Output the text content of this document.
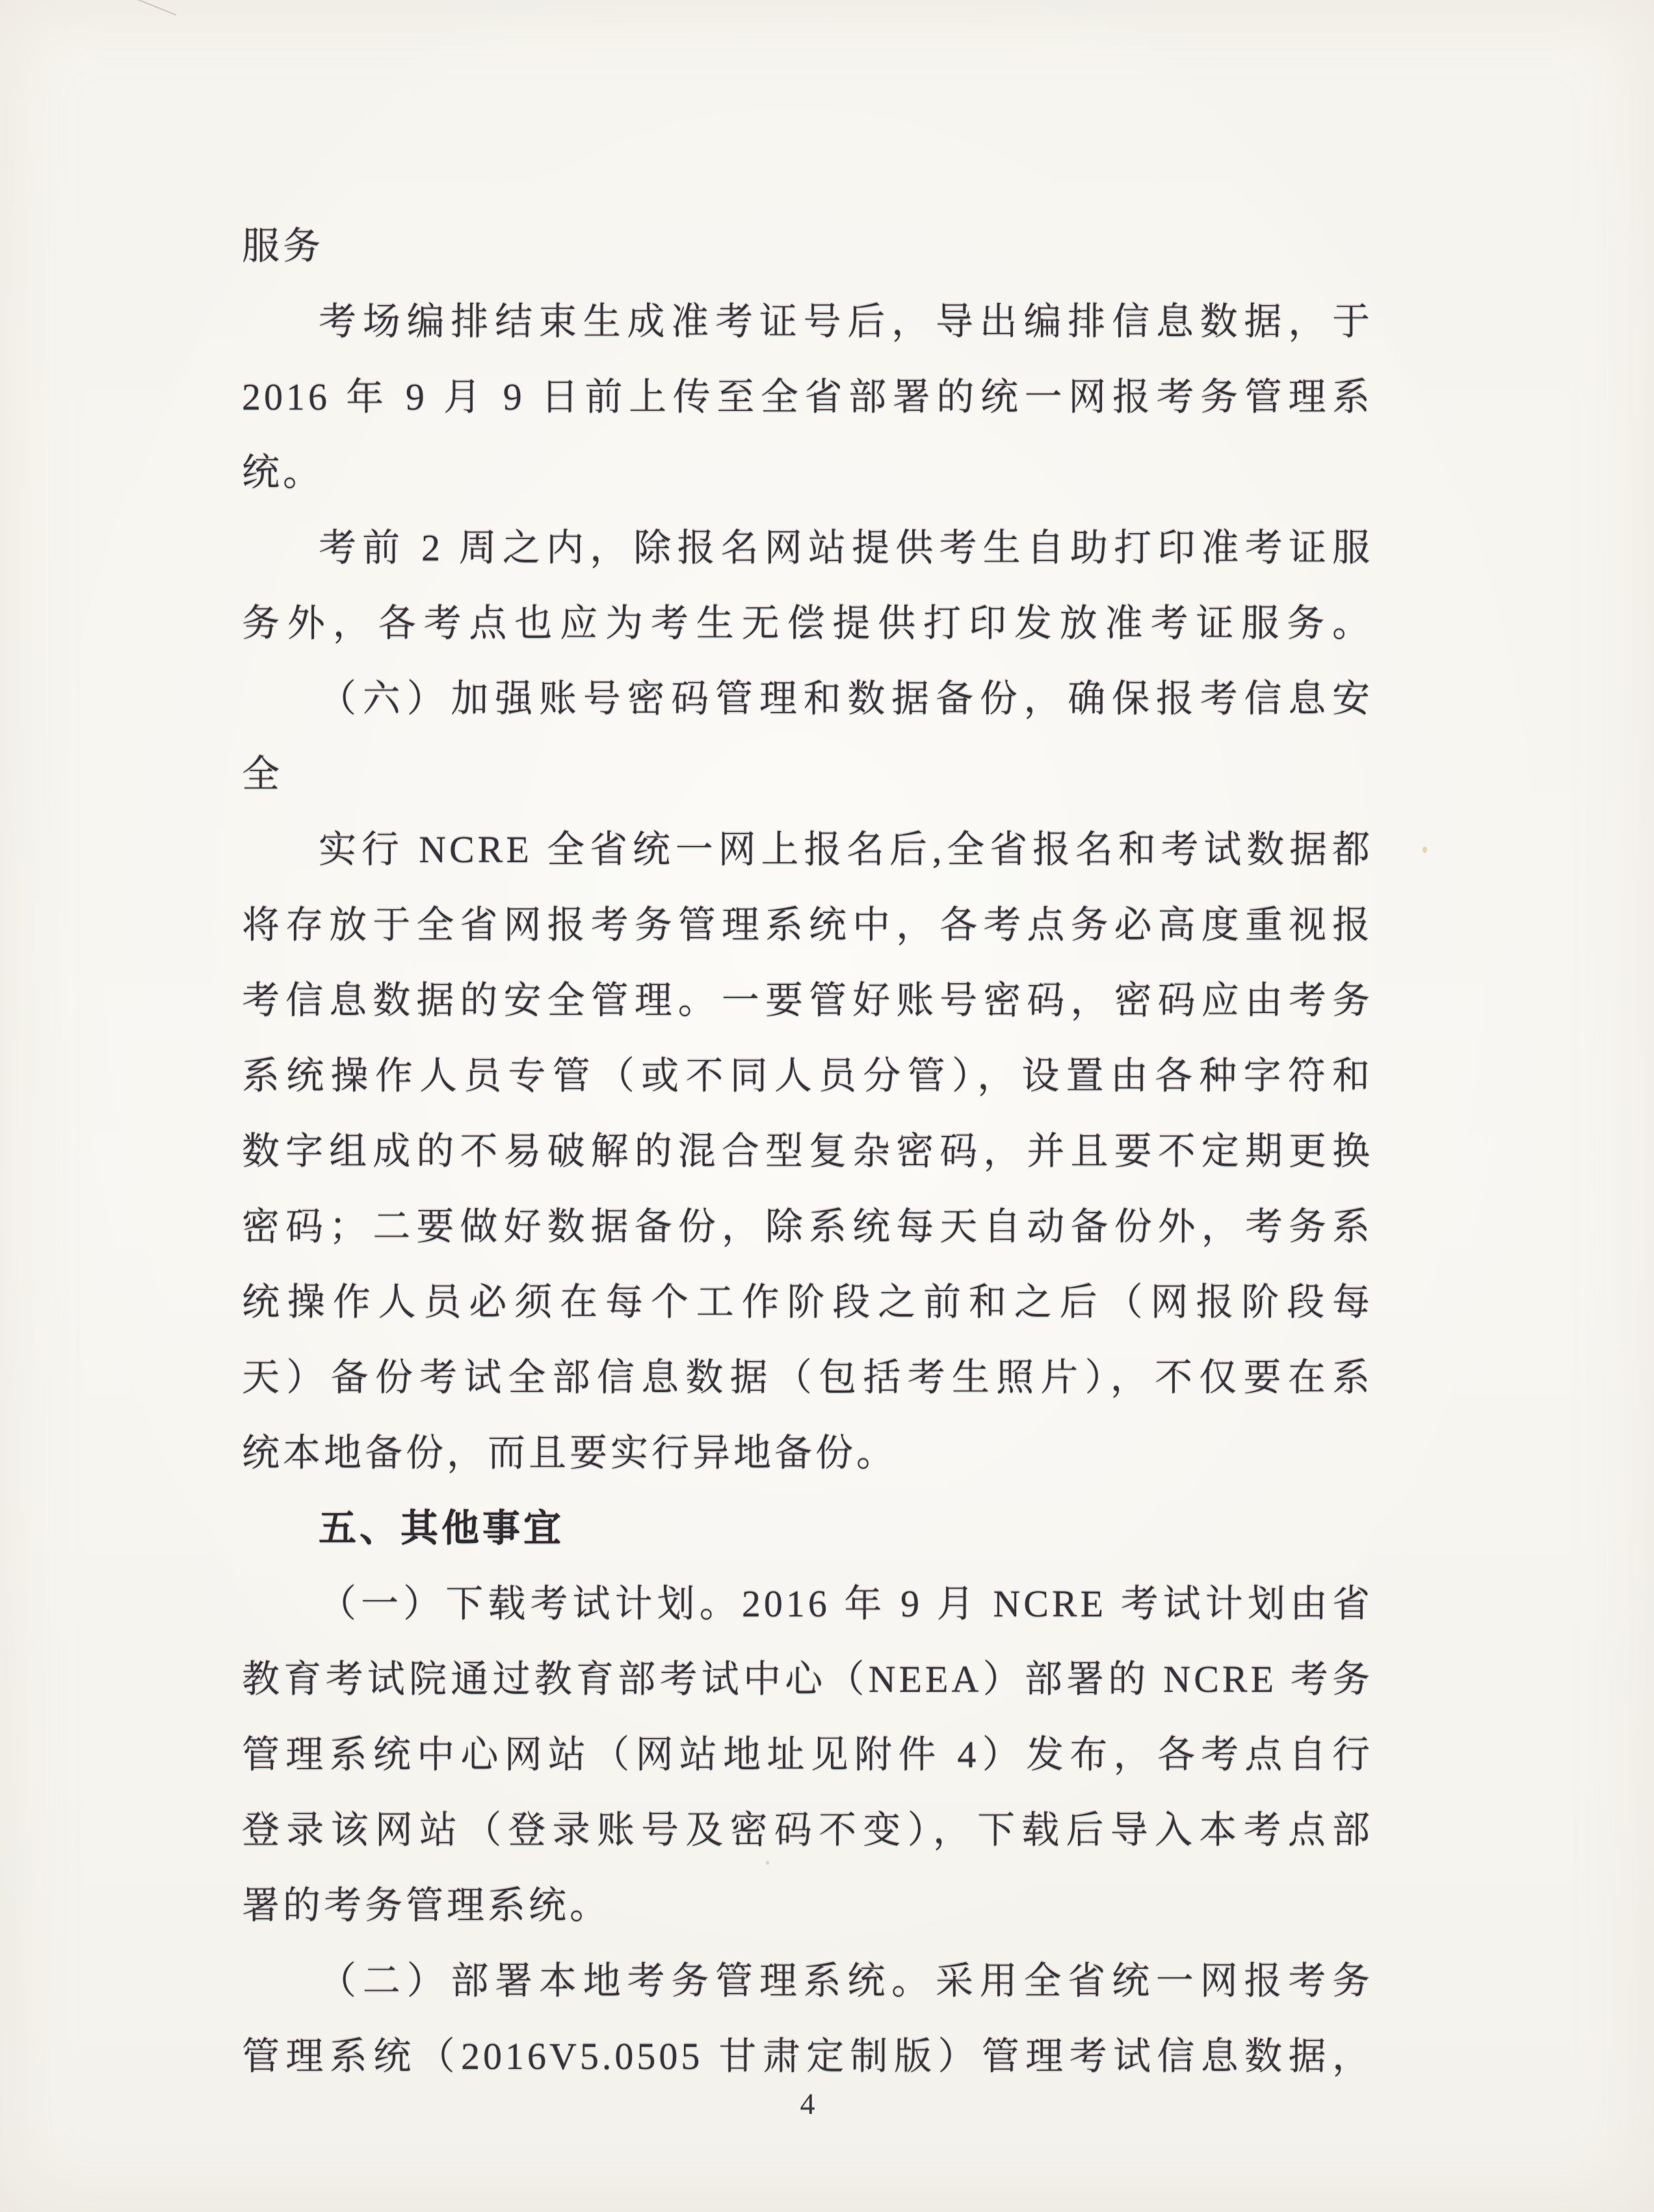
服务
考场编排结束生成准考证号后，导出编排信息数据，于
2016 年 9 月 9 日前上传至全省部署的统一网报考务管理系
统。
考前 2 周之内，除报名网站提供考生自助打印准考证服
务外，各考点也应为考生无偿提供打印发放准考证服务。
（六）加强账号密码管理和数据备份，确保报考信息安
全
实行 NCRE 全省统一网上报名后,全省报名和考试数据都
将存放于全省网报考务管理系统中，各考点务必高度重视报
考信息数据的安全管理。一要管好账号密码，密码应由考务
系统操作人员专管（或不同人员分管），设置由各种字符和
数字组成的不易破解的混合型复杂密码，并且要不定期更换
密码；二要做好数据备份，除系统每天自动备份外，考务系
统操作人员必须在每个工作阶段之前和之后（网报阶段每
天）备份考试全部信息数据（包括考生照片），不仅要在系
统本地备份，而且要实行异地备份。
五、其他事宜
（一）下载考试计划。2016 年 9 月 NCRE 考试计划由省
教育考试院通过教育部考试中心（NEEA）部署的 NCRE 考务
管理系统中心网站（网站地址见附件 4）发布，各考点自行
登录该网站（登录账号及密码不变），下载后导入本考点部
署的考务管理系统。
（二）部署本地考务管理系统。采用全省统一网报考务
管理系统（2016V5.0505 甘肃定制版）管理考试信息数据，
4
